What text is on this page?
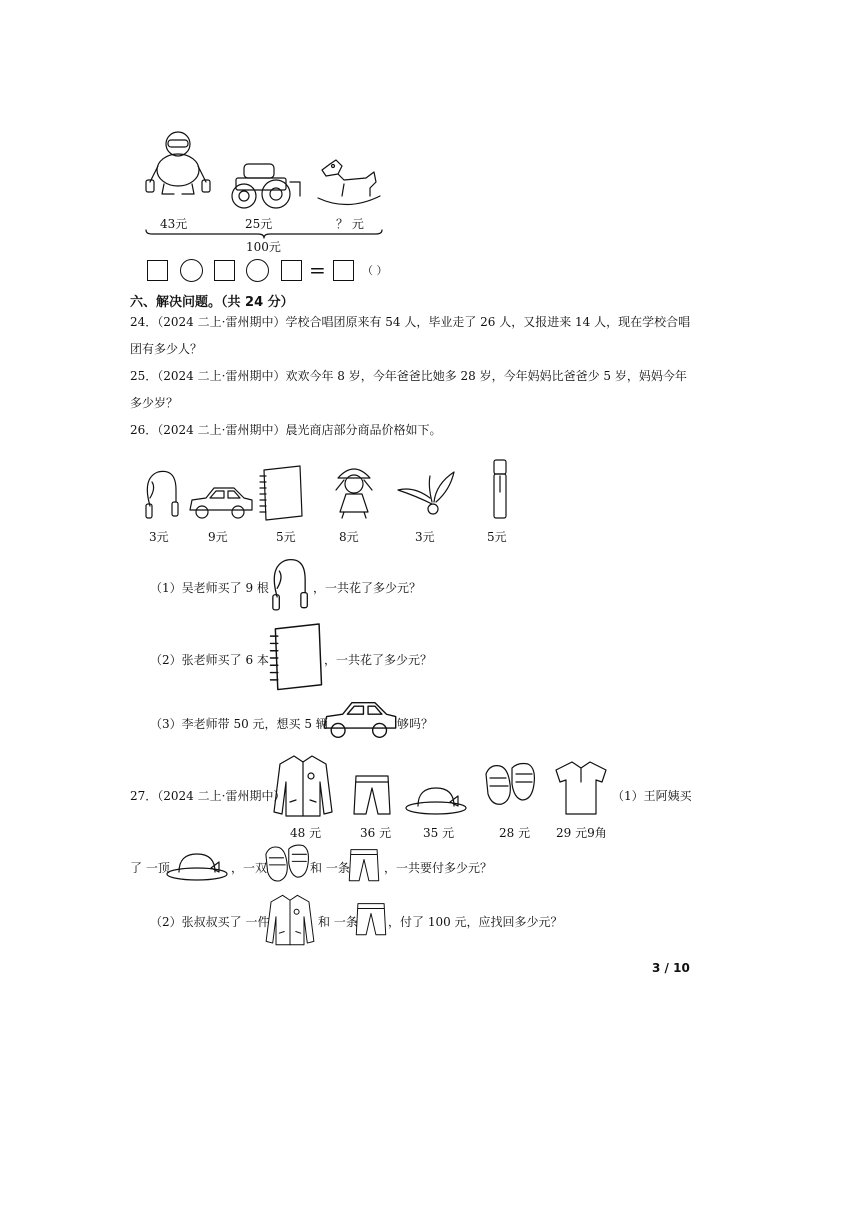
43元	25元	？ 元
100元
=	（ ）
六、解决问题。（共 24 分）
24．（2024 二上·雷州期中）学校合唱团原来有 54 人，毕业走了 26 人，又报进来 14 人，现在学校合唱
团有多少人？
25．（2024 二上·雷州期中）欢欢今年 8 岁，今年爸爸比她多 28 岁，今年妈妈比爸爸少 5 岁，妈妈今年
多少岁？
26．（2024 二上·雷州期中）晨光商店部分商品价格如下。
3元	9元	5元	8元	3元	5元
（1）吴老师买了 9 根	，一共花了多少元？
（2）张老师买了 6 本	，一共花了多少元？
（3）李老师带 50 元，想买 5 辆	够吗？
27．（2024 二上·雷州期中）
48 元	36 元	35 元	28 元 29 元9角
（1）王阿姨买
了 一顶	，一双	和 一条	，一共要付多少元？
（2）张叔叔买了 一件	和 一条	，付了 100 元，应找回多少元？
3 / 10
